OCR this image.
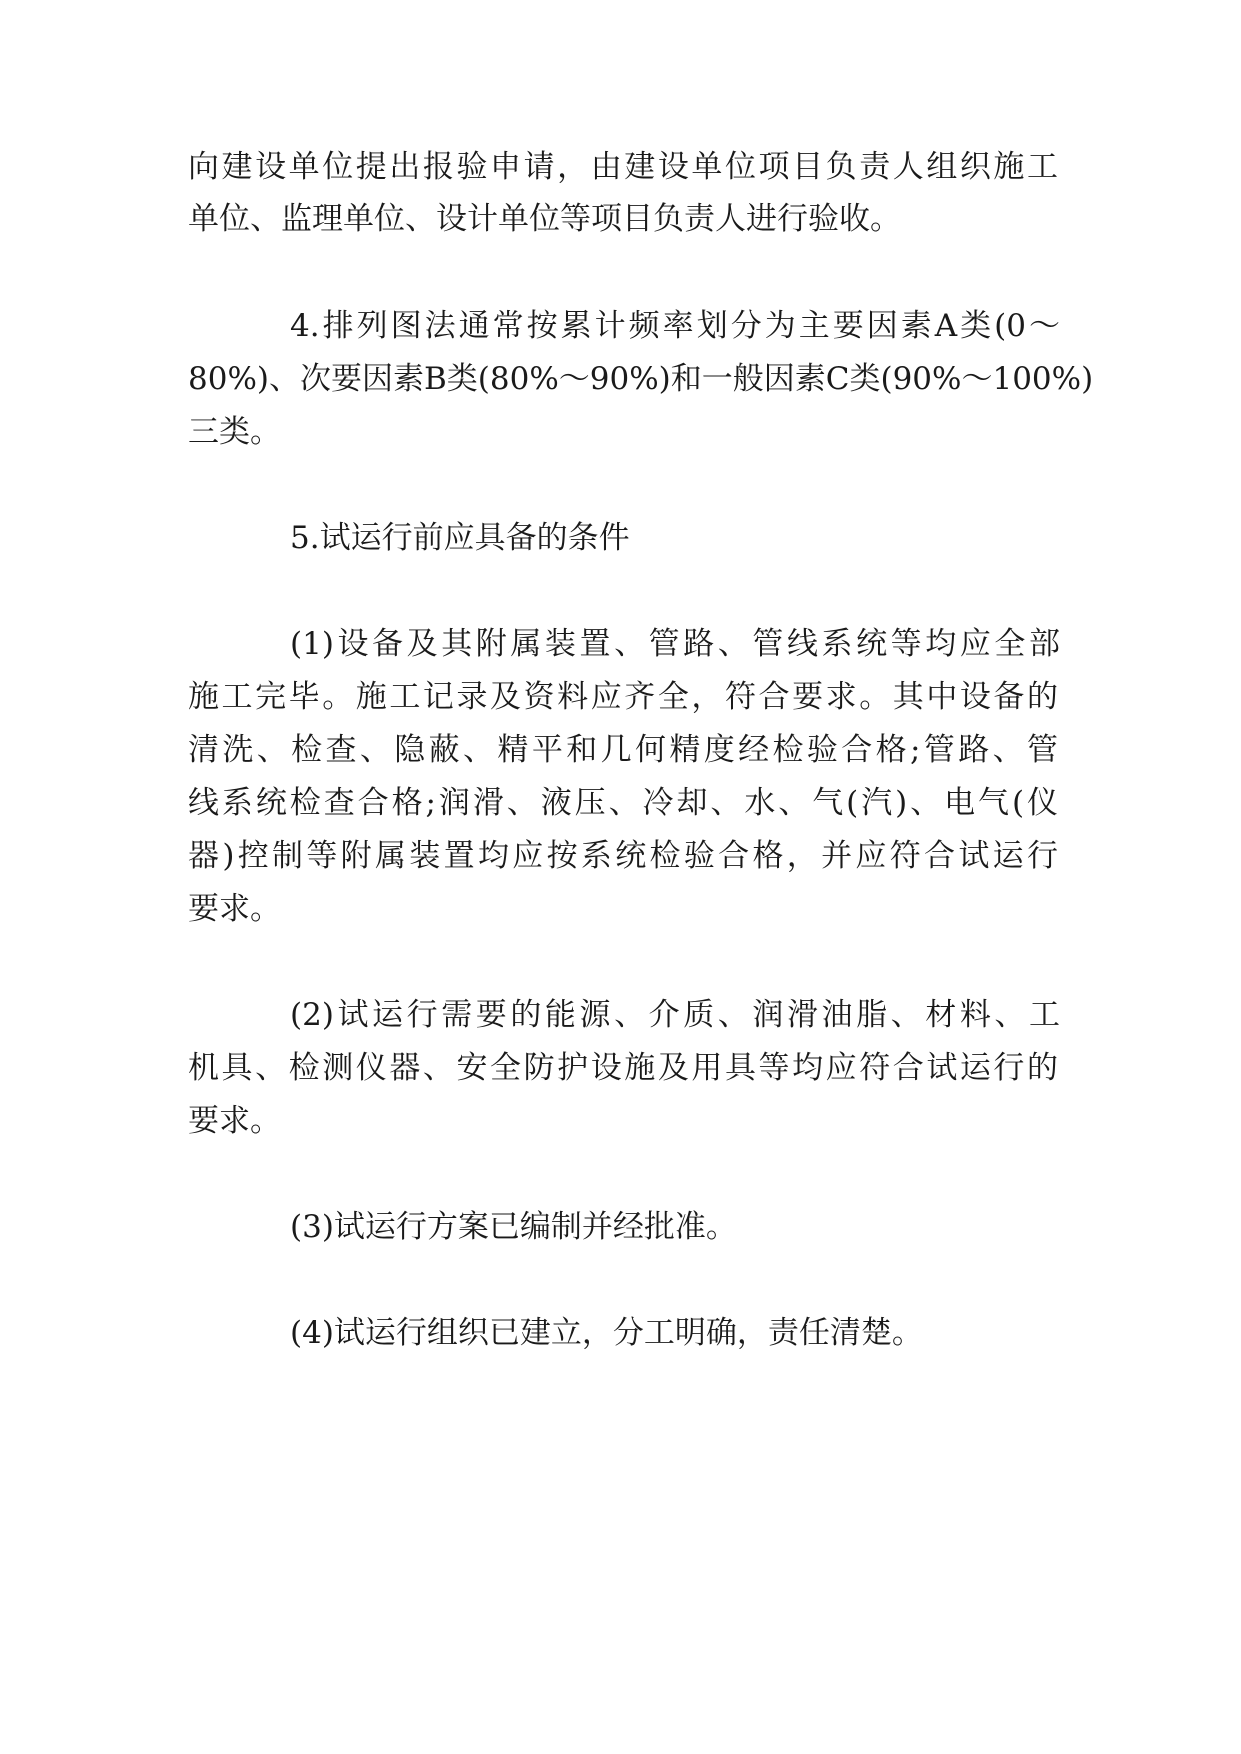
向建设单位提出报验申请，由建设单位项目负责人组织施工
单位、监理单位、设计单位等项目负责人进行验收。
4.排列图法通常按累计频率划分为主要因素A类(0～
80%)、次要因素B类(80%～90%)和一般因素C类(90%～100%)
三类。
5.试运行前应具备的条件
(1)设备及其附属装置、管路、管线系统等均应全部
施工完毕。施工记录及资料应齐全，符合要求。其中设备的
清洗、检查、隐蔽、精平和几何精度经检验合格;管路、管
线系统检查合格;润滑、液压、冷却、水、气(汽)、电气(仪
器)控制等附属装置均应按系统检验合格，并应符合试运行
要求。
(2)试运行需要的能源、介质、润滑油脂、材料、工
机具、检测仪器、安全防护设施及用具等均应符合试运行的
要求。
(3)试运行方案已编制并经批准。
(4)试运行组织已建立，分工明确，责任清楚。
